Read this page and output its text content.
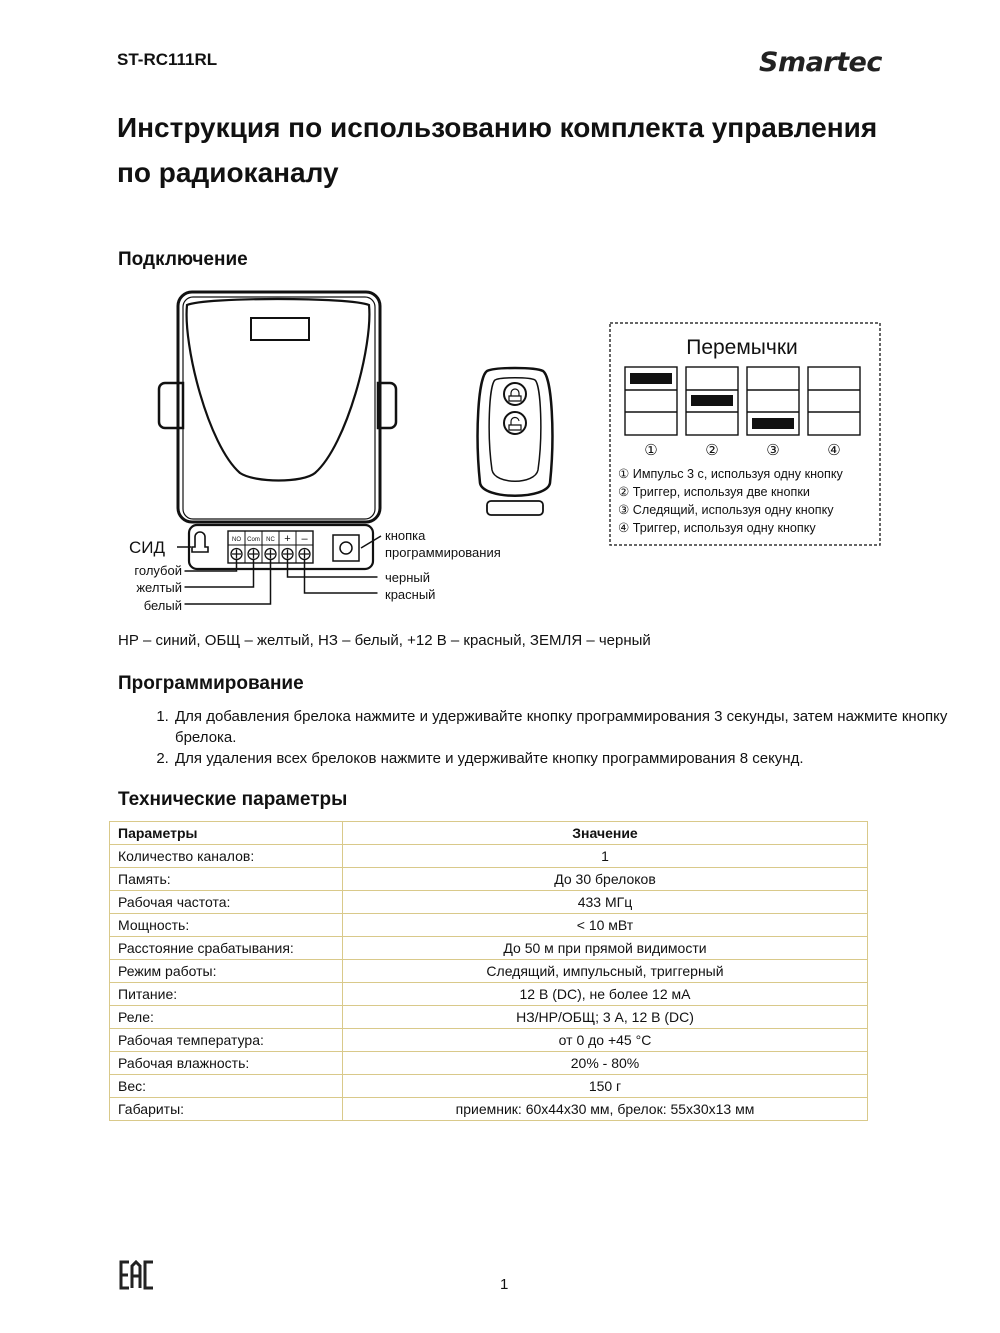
ST-RC111RL	Smartec
Инструкция по использованию комплекта управления по радиоканалу
Подключение
СИД
голубой
желтый
белый
кнопка
программирования
черный
красный
NO Com NC + –
Перемычки
①	②	③	④
① Импульс 3 с, используя одну кнопку
② Триггер, используя две кнопки
③ Следящий, используя одну кнопку
④ Триггер, используя одну кнопку
НР – синий, ОБЩ – желтый, НЗ – белый, +12 В – красный, ЗЕМЛЯ – черный
Программирование
1. Для добавления брелока нажмите и удерживайте кнопку программирования 3 секунды, затем нажмите кнопку брелока.
2. Для удаления всех брелоков нажмите и удерживайте кнопку программирования 8 секунд.
Технические параметры
Параметры	Значение
Количество каналов:	1
Память:	До 30 брелоков
Рабочая частота:	433 МГц
Мощность:	< 10 мВт
Расстояние срабатывания:	До 50 м при прямой видимости
Режим работы:	Следящий, импульсный, триггерный
Питание:	12 В (DC), не более 12 мА
Реле:	НЗ/НР/ОБЩ; 3 А, 12 В (DC)
Рабочая температура:	от 0 до +45 °C
Рабочая влажность:	20% - 80%
Вес:	150 г
Габариты:	приемник: 60x44x30 мм, брелок: 55x30x13 мм
1
